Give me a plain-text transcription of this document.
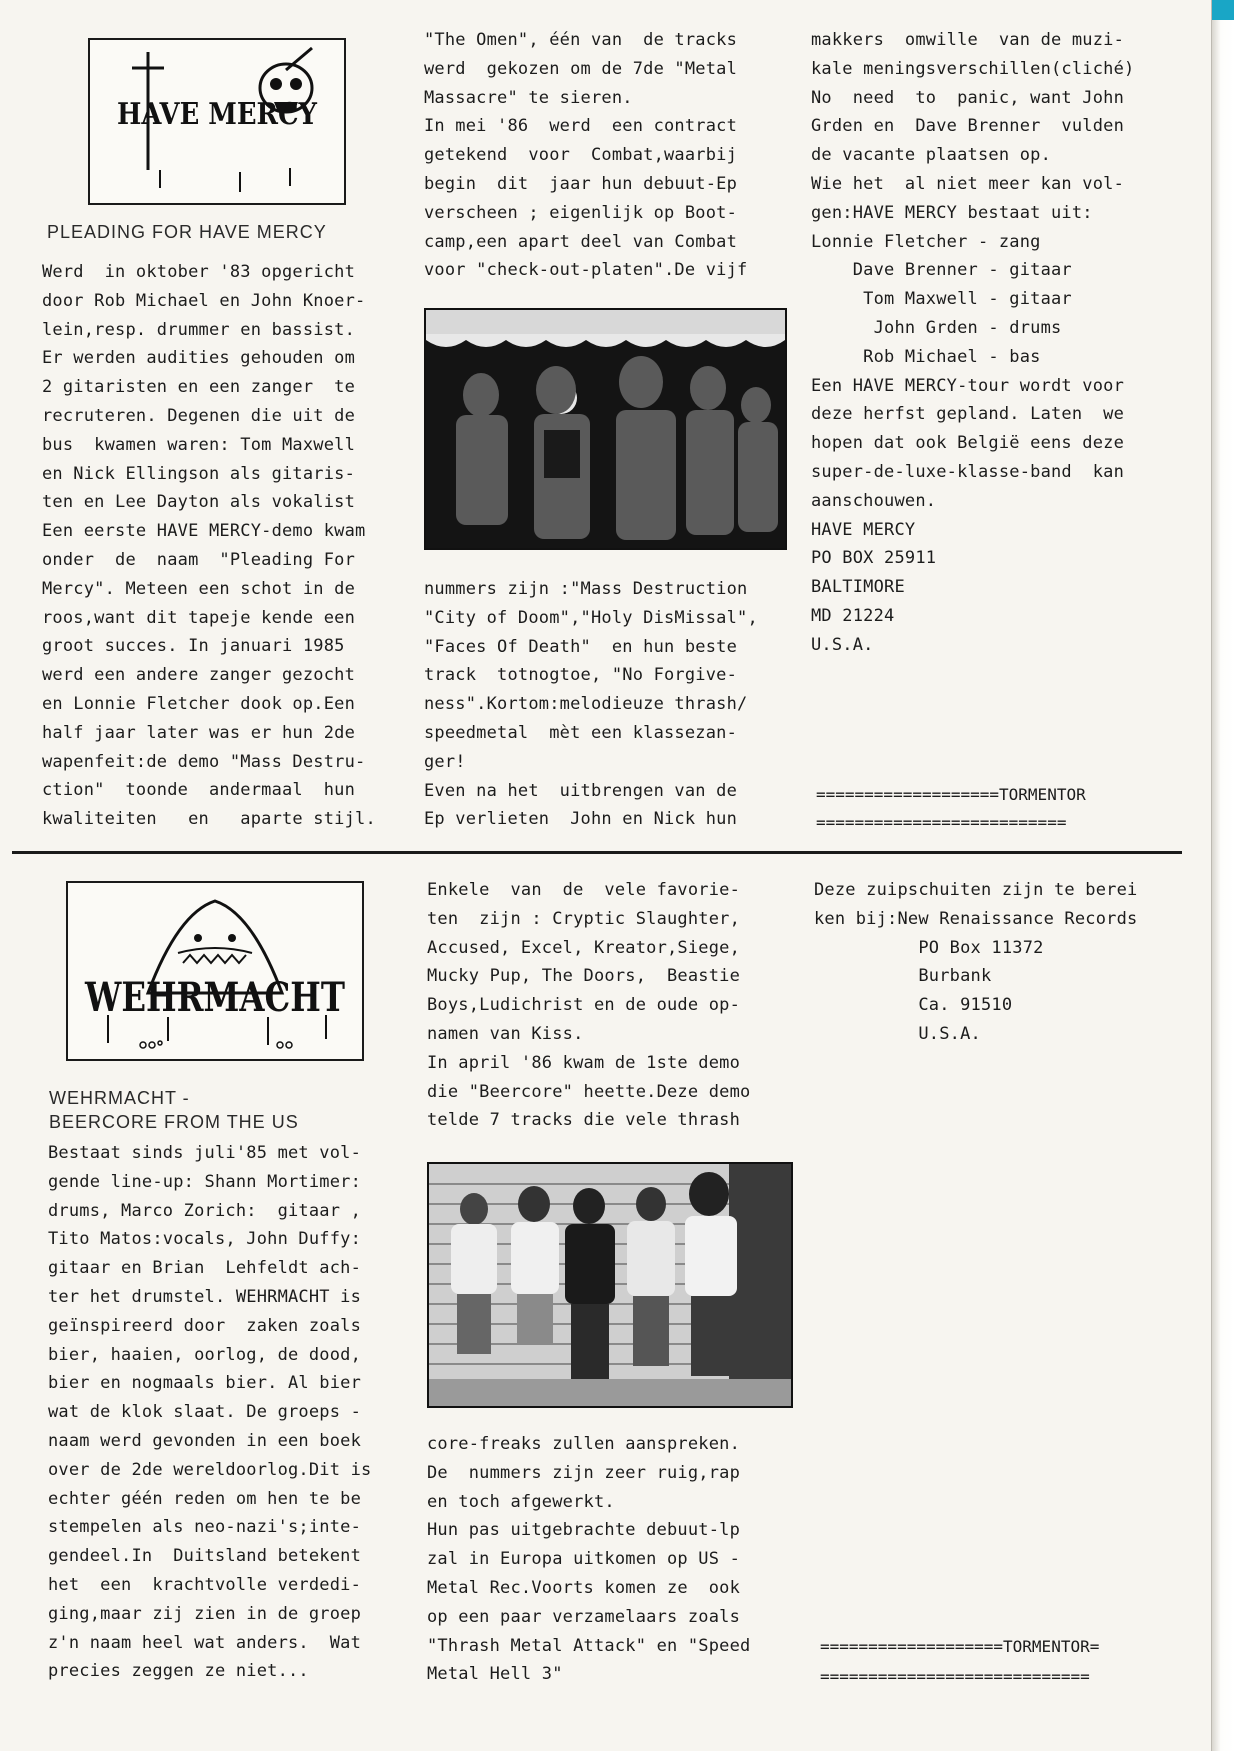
HAVE MERCY
PLEADING FOR HAVE MERCY

Werd  in oktober '83 opgericht
door Rob Michael en John Knoer-
lein,resp. drummer en bassist.
Er werden audities gehouden om
2 gitaristen en een zanger  te
recruteren. Degenen die uit de
bus  kwamen waren: Tom Maxwell
en Nick Ellingson als gitaris-
ten en Lee Dayton als vokalist
Een eerste HAVE MERCY-demo kwam
onder  de  naam  "Pleading For
Mercy". Meteen een schot in de
roos,want dit tapeje kende een
groot succes. In januari 1985
werd een andere zanger gezocht
en Lonnie Fletcher dook op.Een
half jaar later was er hun 2de
wapenfeit:de demo "Mass Destru-
ction"  toonde  andermaal  hun
kwaliteiten   en   aparte stijl.

"The Omen", één van  de tracks
werd  gekozen om de 7de "Metal
Massacre" te sieren.
In mei '86  werd  een contract
getekend  voor  Combat,waarbij
begin  dit  jaar hun debuut-Ep
verscheen ; eigenlijk op Boot-
camp,een apart deel van Combat
voor "check-out-platen".De vijf

nummers zijn :"Mass Destruction
"City of Doom","Holy DisMissal",
"Faces Of Death"  en hun beste
track  totnogtoe, "No Forgive-
ness".Kortom:melodieuze thrash/
speedmetal  mèt een klassezan-
ger!
Even na het  uitbrengen van de
Ep verlieten  John en Nick hun

makkers  omwille  van de muzi-
kale meningsverschillen(cliché)
No  need  to  panic, want John
Grden en  Dave Brenner  vulden
de vacante plaatsen op.
Wie het  al niet meer kan vol-
gen:HAVE MERCY bestaat uit:
Lonnie Fletcher - zang
Dave Brenner - gitaar
Tom Maxwell - gitaar
John Grden - drums
Rob Michael - bas
Een HAVE MERCY-tour wordt voor
deze herfst gepland. Laten  we
hopen dat ook België eens deze
super-de-luxe-klasse-band  kan
aanschouwen.
HAVE MERCY
PO BOX 25911
BALTIMORE
MD 21224
U.S.A.

===================TORMENTOR
==========================
WEHRMACHT
WEHRMACHT -
BEERCORE FROM THE US

Bestaat sinds juli'85 met vol-
gende line-up: Shann Mortimer:
drums, Marco Zorich:  gitaar ,
Tito Matos:vocals, John Duffy:
gitaar en Brian  Lehfeldt ach-
ter het drumstel. WEHRMACHT is
geïnspireerd door  zaken zoals
bier, haaien, oorlog, de dood,
bier en nogmaals bier. Al bier
wat de klok slaat. De groeps -
naam werd gevonden in een boek
over de 2de wereldoorlog.Dit is
echter géén reden om hen te be
stempelen als neo-nazi's;inte-
gendeel.In  Duitsland betekent
het  een  krachtvolle verdedi-
ging,maar zij zien in de groep
z'n naam heel wat anders.  Wat
precies zeggen ze niet...

Enkele  van  de  vele favorie-
ten  zijn : Cryptic Slaughter,
Accused, Excel, Kreator,Siege,
Mucky Pup, The Doors,  Beastie
Boys,Ludichrist en de oude op-
namen van Kiss.
In april '86 kwam de 1ste demo
die "Beercore" heette.Deze demo
telde 7 tracks die vele thrash

core-freaks zullen aanspreken.
De  nummers zijn zeer ruig,rap
en toch afgewerkt.
Hun pas uitgebrachte debuut-lp
zal in Europa uitkomen op US -
Metal Rec.Voorts komen ze  ook
op een paar verzamelaars zoals
"Thrash Metal Attack" en "Speed
Metal Hell 3"

Deze zuipschuiten zijn te berei
ken bij:New Renaissance Records
PO Box 11372
Burbank
Ca. 91510
U.S.A.

===================TORMENTOR=
============================
